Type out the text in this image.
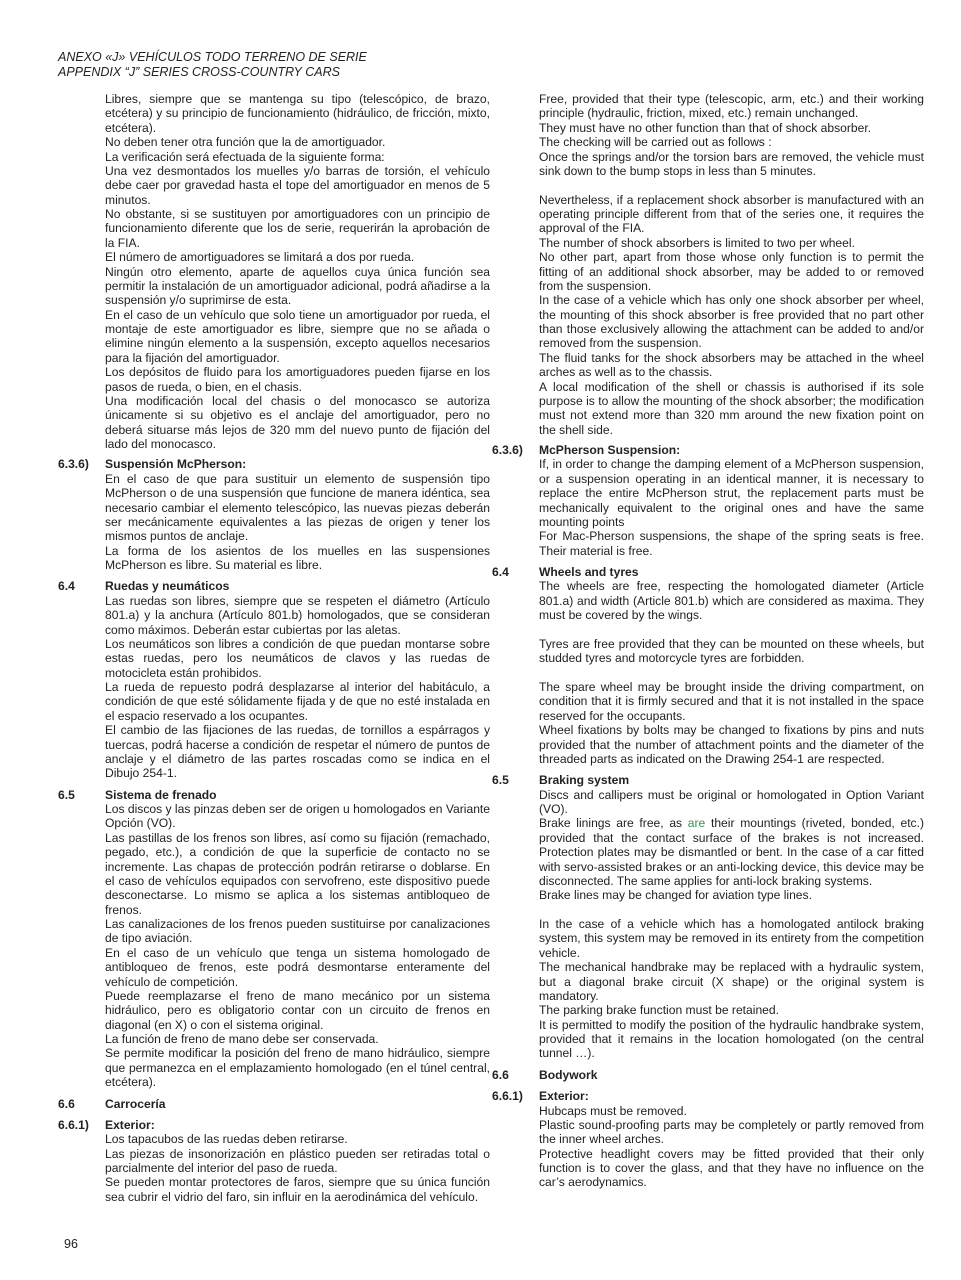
ANEXO «J» VEHÍCULOS TODO TERRENO DE SERIE
APPENDIX “J” SERIES CROSS-COUNTRY CARS

Libres, siempre que se mantenga su tipo (telescópico, de brazo, etcétera) y su principio de funcionamiento (hidráulico, de fricción, mixto, etcétera).

No deben tener otra función que la de amortiguador.

La verificación será efectuada de la siguiente forma:

Una vez desmontados los muelles y/o barras de torsión, el vehículo debe caer por gravedad hasta el tope del amortiguador en menos de 5 minutos.

No obstante, si se sustituyen por amortiguadores con un principio de funcionamiento diferente que los de serie, requerirán la aprobación de la FIA.

El número de amortiguadores se limitará a dos por rueda.

Ningún otro elemento, aparte de aquellos cuya única función sea permitir la instalación de un amortiguador adicional, podrá añadirse a la suspensión y/o suprimirse de esta.

En el caso de un vehículo que solo tiene un amortiguador por rueda, el montaje de este amortiguador es libre, siempre que no se añada o elimine ningún elemento a la suspensión, excepto aquellos necesarios para la fijación del amortiguador.

Los depósitos de fluido para los amortiguadores pueden fijarse en los pasos de rueda, o bien, en el chasis.

Una modificación local del chasis o del monocasco se autoriza únicamente si su objetivo es el anclaje del amortiguador, pero no deberá situarse más lejos de 320 mm del nuevo punto de fijación del lado del monocasco.

6.3.6) Suspensión McPherson:

En el caso de que para sustituir un elemento de suspensión tipo McPherson o de una suspensión que funcione de manera idéntica, sea necesario cambiar el elemento telescópico, las nuevas piezas deberán ser mecánicamente equivalentes a las piezas de origen y tener los mismos puntos de anclaje.

La forma de los asientos de los muelles en las suspensiones McPherson es libre. Su material es libre.

6.4 Ruedas y neumáticos

Las ruedas son libres, siempre que se respeten el diámetro (Artículo 801.a) y la anchura (Artículo 801.b) homologados, que se consideran como máximos. Deberán estar cubiertas por las aletas.

Los neumáticos son libres a condición de que puedan montarse sobre estas ruedas, pero los neumáticos de clavos y las ruedas de motocicleta están prohibidos.

La rueda de repuesto podrá desplazarse al interior del habitáculo, a condición de que esté sólidamente fijada y de que no esté instalada en el espacio reservado a los ocupantes.

El cambio de las fijaciones de las ruedas, de tornillos a espárragos y tuercas, podrá hacerse a condición de respetar el número de puntos de anclaje y el diámetro de las partes roscadas como se indica en el Dibujo 254-1.

6.5 Sistema de frenado

Los discos y las pinzas deben ser de origen u homologados en Variante Opción (VO).

Las pastillas de los frenos son libres, así como su fijación (remachado, pegado, etc.), a condición de que la superficie de contacto no se incremente. Las chapas de protección podrán retirarse o doblarse. En el caso de vehículos equipados con servofreno, este dispositivo puede desconectarse. Lo mismo se aplica a los sistemas antibloqueo de frenos.

Las canalizaciones de los frenos pueden sustituirse por canalizaciones de tipo aviación.

En el caso de un vehículo que tenga un sistema homologado de antibloqueo de frenos, este podrá desmontarse enteramente del vehículo de competición.

Puede reemplazarse el freno de mano mecánico por un sistema hidráulico, pero es obligatorio contar con un circuito de frenos en diagonal (en X) o con el sistema original.

La función de freno de mano debe ser conservada.

Se permite modificar la posición del freno de mano hidráulico, siempre que permanezca en el emplazamiento homologado (en el túnel central, etcétera).

6.6 Carrocería

6.6.1) Exterior:

Los tapacubos de las ruedas deben retirarse.

Las piezas de insonorización en plástico pueden ser retiradas total o parcialmente del interior del paso de rueda.

Se pueden montar protectores de faros, siempre que su única función sea cubrir el vidrio del faro, sin influir en la aerodinámica del vehículo.

Free, provided that their type (telescopic, arm, etc.) and their working principle (hydraulic, friction, mixed, etc.) remain unchanged.

They must have no other function than that of shock absorber.

The checking will be carried out as follows :

Once the springs and/or the torsion bars are removed, the vehicle must sink down to the bump stops in less than 5 minutes.

Nevertheless, if a replacement shock absorber is manufactured with an operating principle different from that of the series one, it requires the approval of the FIA.

The number of shock absorbers is limited to two per wheel.

No other part, apart from those whose only function is to permit the fitting of an additional shock absorber, may be added to or removed from the suspension.

In the case of a vehicle which has only one shock absorber per wheel, the mounting of this shock absorber is free provided that no part other than those exclusively allowing the attachment can be added to and/or removed from the suspension.

The fluid tanks for the shock absorbers may be attached in the wheel arches as well as to the chassis.

A local modification of the shell or chassis is authorised if its sole purpose is to allow the mounting of the shock absorber; the modification must not extend more than 320 mm around the new fixation point on the shell side.

6.3.6) McPherson Suspension:

If, in order to change the damping element of a McPherson suspension, or a suspension operating in an identical manner, it is necessary to replace the entire McPherson strut, the replacement parts must be mechanically equivalent to the original ones and have the same mounting points

For Mac-Pherson suspensions, the shape of the spring seats is free. Their material is free.

6.4 Wheels and tyres

The wheels are free, respecting the homologated diameter (Article 801.a) and width (Article 801.b) which are considered as maxima. They must be covered by the wings.

Tyres are free provided that they can be mounted on these wheels, but studded tyres and motorcycle tyres are forbidden.

The spare wheel may be brought inside the driving compartment, on condition that it is firmly secured and that it is not installed in the space reserved for the occupants.

Wheel fixations by bolts may be changed to fixations by pins and nuts provided that the number of attachment points and the diameter of the threaded parts as indicated on the Drawing 254-1 are respected.

6.5 Braking system

Discs and callipers must be original or homologated in Option Variant (VO).

Brake linings are free, as are their mountings (riveted, bonded, etc.) provided that the contact surface of the brakes is not increased. Protection plates may be dismantled or bent. In the case of a car fitted with servo-assisted brakes or an anti-locking device, this device may be disconnected. The same applies for anti-lock braking systems.

Brake lines may be changed for aviation type lines.

In the case of a vehicle which has a homologated antilock braking system, this system may be removed in its entirety from the competition vehicle.

The mechanical handbrake may be replaced with a hydraulic system, but a diagonal brake circuit (X shape) or the original system is mandatory.

The parking brake function must be retained.

It is permitted to modify the position of the hydraulic handbrake system, provided that it remains in the location homologated (on the central tunnel …).

6.6 Bodywork

6.6.1) Exterior:

Hubcaps must be removed.

Plastic sound-proofing parts may be completely or partly removed from the inner wheel arches.

Protective headlight covers may be fitted provided that their only function is to cover the glass, and that they have no influence on the car’s aerodynamics.

96
